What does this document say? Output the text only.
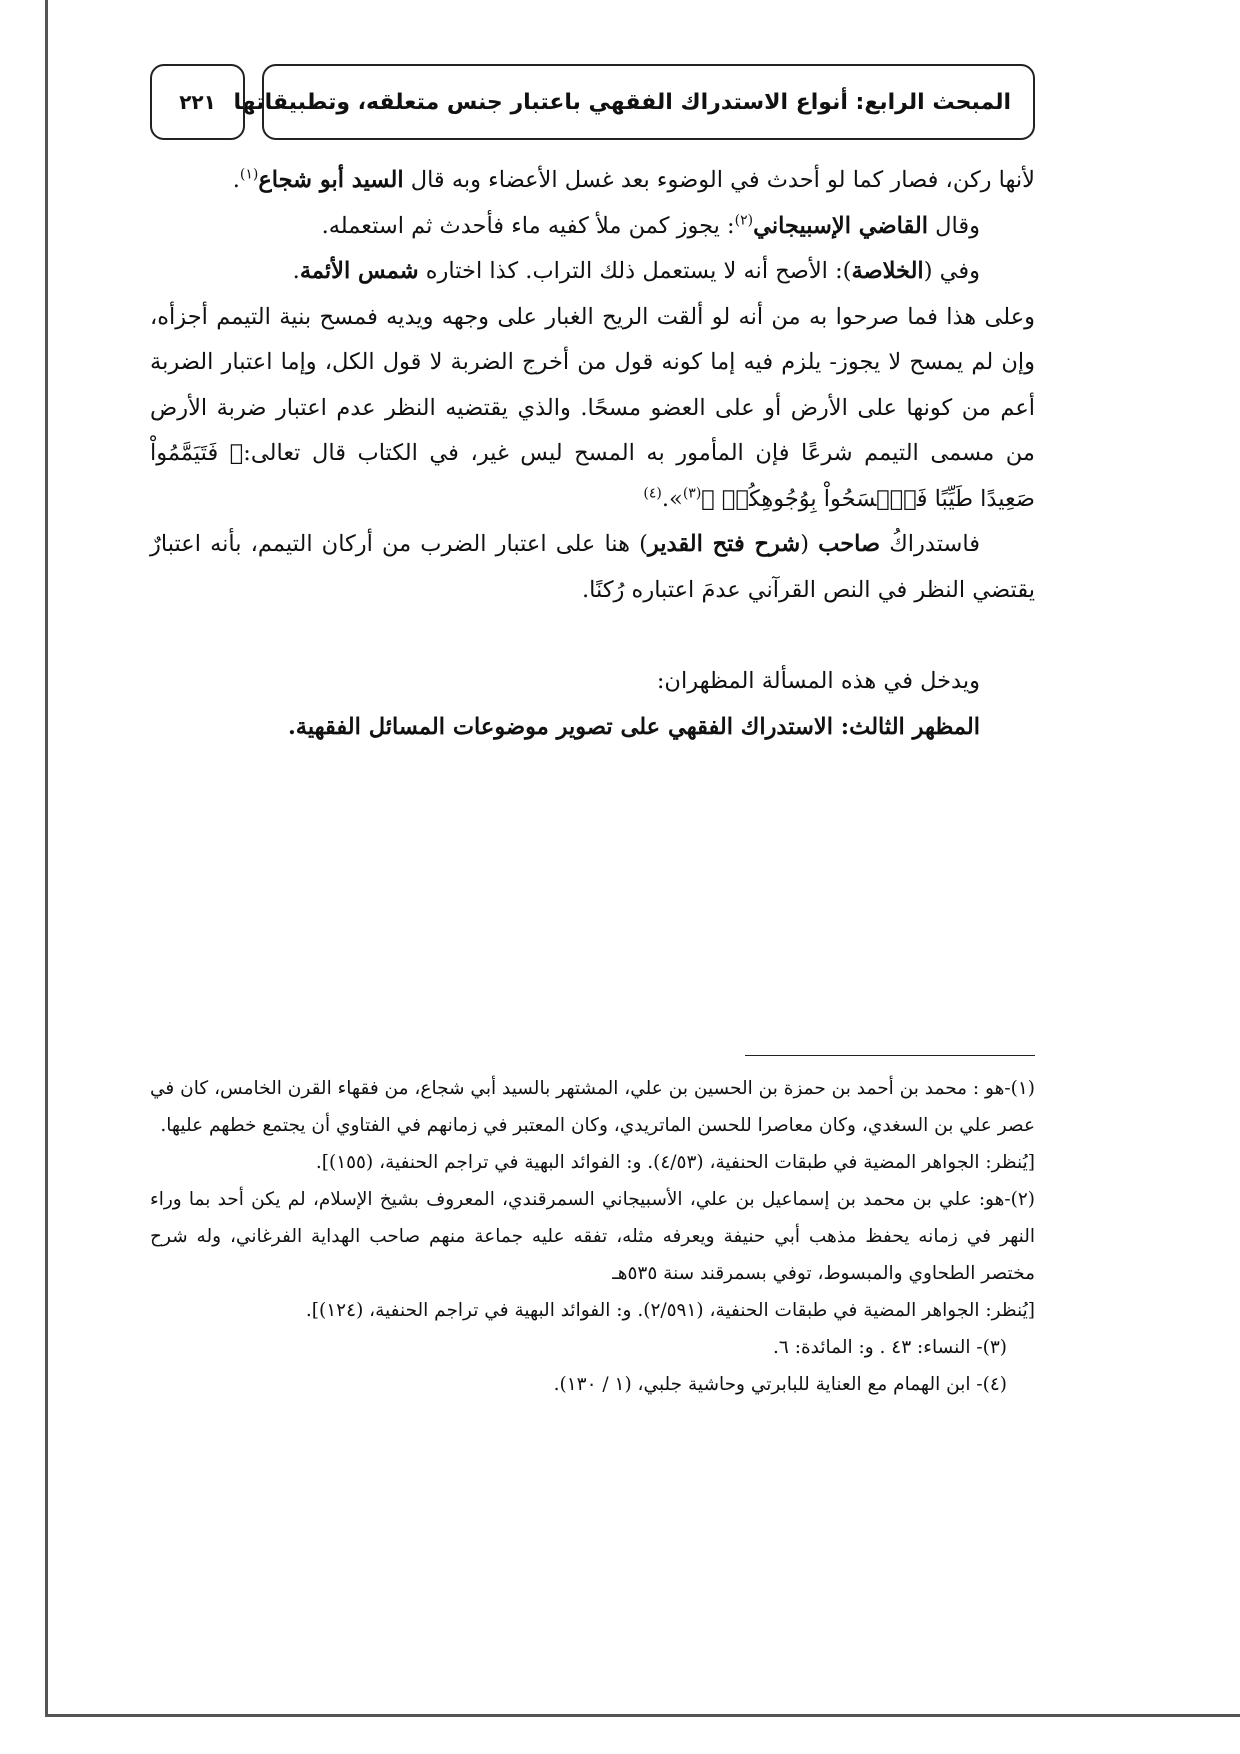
المبحث الرابع: أنواع الاستدراك الفقهي باعتبار جنس متعلقه، وتطبيقاتها
٢٢١

لأنها ركن، فصار كما لو أحدث في الوضوء بعد غسل الأعضاء وبه قال السيد أبو شجاع$^{(١)}$.

وقال القاضي الإسبيجاني$^{(٢)}$: يجوز كمن ملأ كفيه ماء فأحدث ثم استعمله.

وفي (الخلاصة): الأصح أنه لا يستعمل ذلك التراب. كذا اختاره شمس الأئمة.

وعلى هذا فما صرحوا به من أنه لو ألقت الريح الغبار على وجهه ويديه فمسح بنية التيمم أجزأه، وإن لم يمسح لا يجوز- يلزم فيه إما كونه قول من أخرج الضربة لا قول الكل، وإما اعتبار الضربة أعم من كونها على الأرض أو على العضو مسحًا. والذي يقتضيه النظر عدم اعتبار ضربة الأرض من مسمى التيمم شرعًا فإن المأمور به المسح ليس غير، في الكتاب قال تعالى:﴿ فَتَيَمَّمُواْ صَعِيدًا طَيِّبًا فَٱمۡسَحُواْ بِوُجُوهِكُمۡ ﴾$^{(٣)}$».$^{(٤)}$

فاستدراكُ صاحب (شرح فتح القدير) هنا على اعتبار الضرب من أركان التيمم، بأنه اعتبارٌ يقتضي النظر في النص القرآني عدمَ اعتباره رُكنًا.

ويدخل في هذه المسألة المظهران:

المظهر الثالث: الاستدراك الفقهي على تصوير موضوعات المسائل الفقهية.

(١)-هو : محمد بن أحمد بن حمزة بن الحسين بن علي، المشتهر بالسيد أبي شجاع، من فقهاء القرن الخامس، كان في عصر علي بن السغدي، وكان معاصرا للحسن الماتريدي، وكان المعتبر في زمانهم في الفتاوي أن يجتمع خطهم عليها.

[يُنظر: الجواهر المضية في طبقات الحنفية، (٤/٥٣). و: الفوائد البهية في تراجم الحنفية، (١٥٥)].

(٢)-هو: علي بن محمد بن إسماعيل بن علي، الأسبيجاني السمرقندي، المعروف بشيخ الإسلام، لم يكن أحد بما وراء النهر في زمانه يحفظ مذهب أبي حنيفة ويعرفه مثله، تفقه عليه جماعة منهم صاحب الهداية الفرغاني، وله شرح مختصر الطحاوي والمبسوط، توفي بسمرقند سنة ٥٣٥هـ

[يُنظر: الجواهر المضية في طبقات الحنفية، (٢/٥٩١). و: الفوائد البهية في تراجم الحنفية، (١٢٤)].

(٣)- النساء: ٤٣ . و: المائدة: ٦.

(٤)- ابن الهمام مع العناية للبابرتي وحاشية جلبي، (١ / ١٣٠).
